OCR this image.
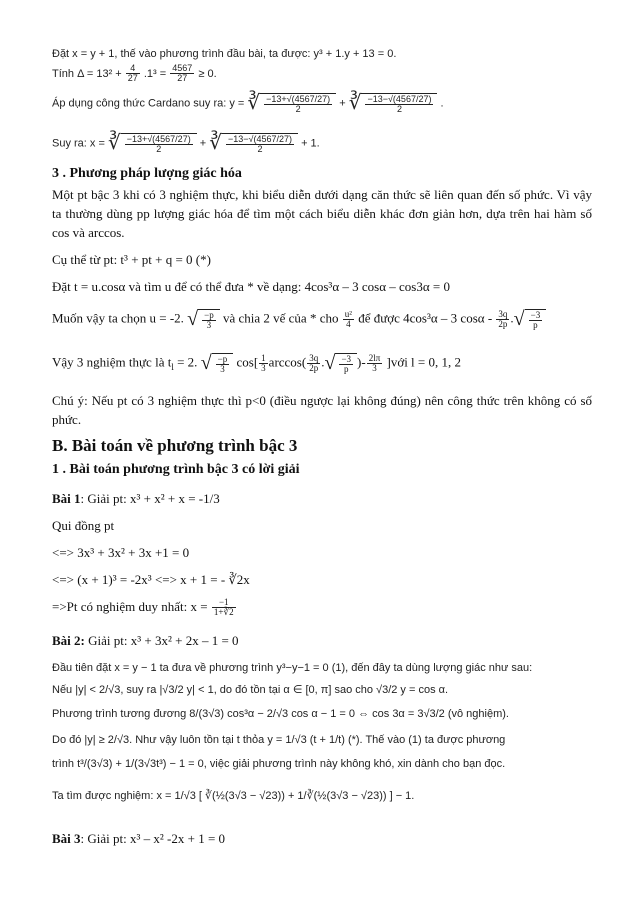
Đặt x = y + 1, thế vào phương trình đầu bài, ta được: y³ + 1.y + 13 = 0.
Tính $\Delta = 13^2 + \frac{4}{27} .1^3 = \frac{4567}{27} \ge 0$.
Áp dụng công thức Cardano suy ra: y = ∛ $\frac{-13+√(4567/27)}{2}$ + ∛ $\frac{-13-√(4567/27)}{2}$ .
Suy ra: x = ∛ $\frac{-13+√(4567/27)}{2}$ + ∛ $\frac{-13-√(4567/27)}{2} + 1$.
3 . Phương pháp lượng giác hóa
Một pt bậc 3 khi có 3 nghiệm thực, khi biểu diễn dưới dạng căn thức sẽ liên quan đến số phức. Vì vậy ta thường dùng pp lượng giác hóa để tìm một cách biểu diễn khác đơn giản hơn, dựa trên hai hàm số cos và arccos.
Cụ thể từ pt: t³ + pt + q = 0 (*)
Đặt t = u.cosα và tìm u để có thể đưa * về dạng: 4cos³α – 3 cosα – cos3α = 0
Muốn vậy ta chọn u = -2. √ $\frac{-p}{3}$ và chia 2 vế của * cho $\frac{\text{u²}}{4}$ để được 4cos³α – 3 cosα - $\frac{3q}{2p}$ .√ $\frac{-3}{p}$
Vậy 3 nghiệm thực là $t_l = 2$. √ $\frac{-p}{3} \cos[ \frac{1}{3} \arccos( \frac{3q}{2p}$ .√ $\frac{-3}{p}$ )- $\frac{2l\pi}{3}$ ]với l = 0, 1, 2
Chú ý: Nếu pt có 3 nghiệm thực thì p<0 (điều ngược lại không đúng) nên công thức trên không có số phức.
B. Bài toán về phương trình bậc 3
1 . Bài toán phương trình bậc 3 có lời giải
Bài 1: Giải pt: x³ + x² + x = -1/3
Qui đồng pt
<=> 3x³ + 3x² + 3x +1 = 0
<=> (x + 1)³ = -2x³ <=> x + 1 = - ∛2x
=>Pt có nghiệm duy nhất: $x = \frac{-1}{1+∛2}$
Bài 2: Giải pt: x³ + 3x² + 2x – 1 = 0
Đầu tiên đặt x = y − 1 ta đưa về phương trình y³−y−1 = 0 (1), đến đây ta dùng lượng giác như sau:
Nếu |y| < 2/√3, suy ra |√3/2 y| < 1, do đó tồn tại α ∈ [0, π] sao cho √3/2 y = cos α.
Phương trình tương đương 8/(3√3) cos³α − 2/√3 cos α − 1 = 0 ⇔ cos 3α = 3√3/2 (vô nghiệm).
Do đó |y| ≥ 2/√3. Như vậy luôn tồn tại t thỏa y = 1/√3 (t + 1/t) (*). Thế vào (1) ta được phương
trình t³/(3√3) + 1/(3√3t³) − 1 = 0, việc giải phương trình này không khó, xin dành cho bạn đọc.
Ta tìm được nghiệm: x = 1/√3 [ ∛(½(3√3 − √23)) + 1/∛(½(3√3 − √23)) ] − 1.
Bài 3: Giải pt: x³ – x² -2x + 1 = 0
